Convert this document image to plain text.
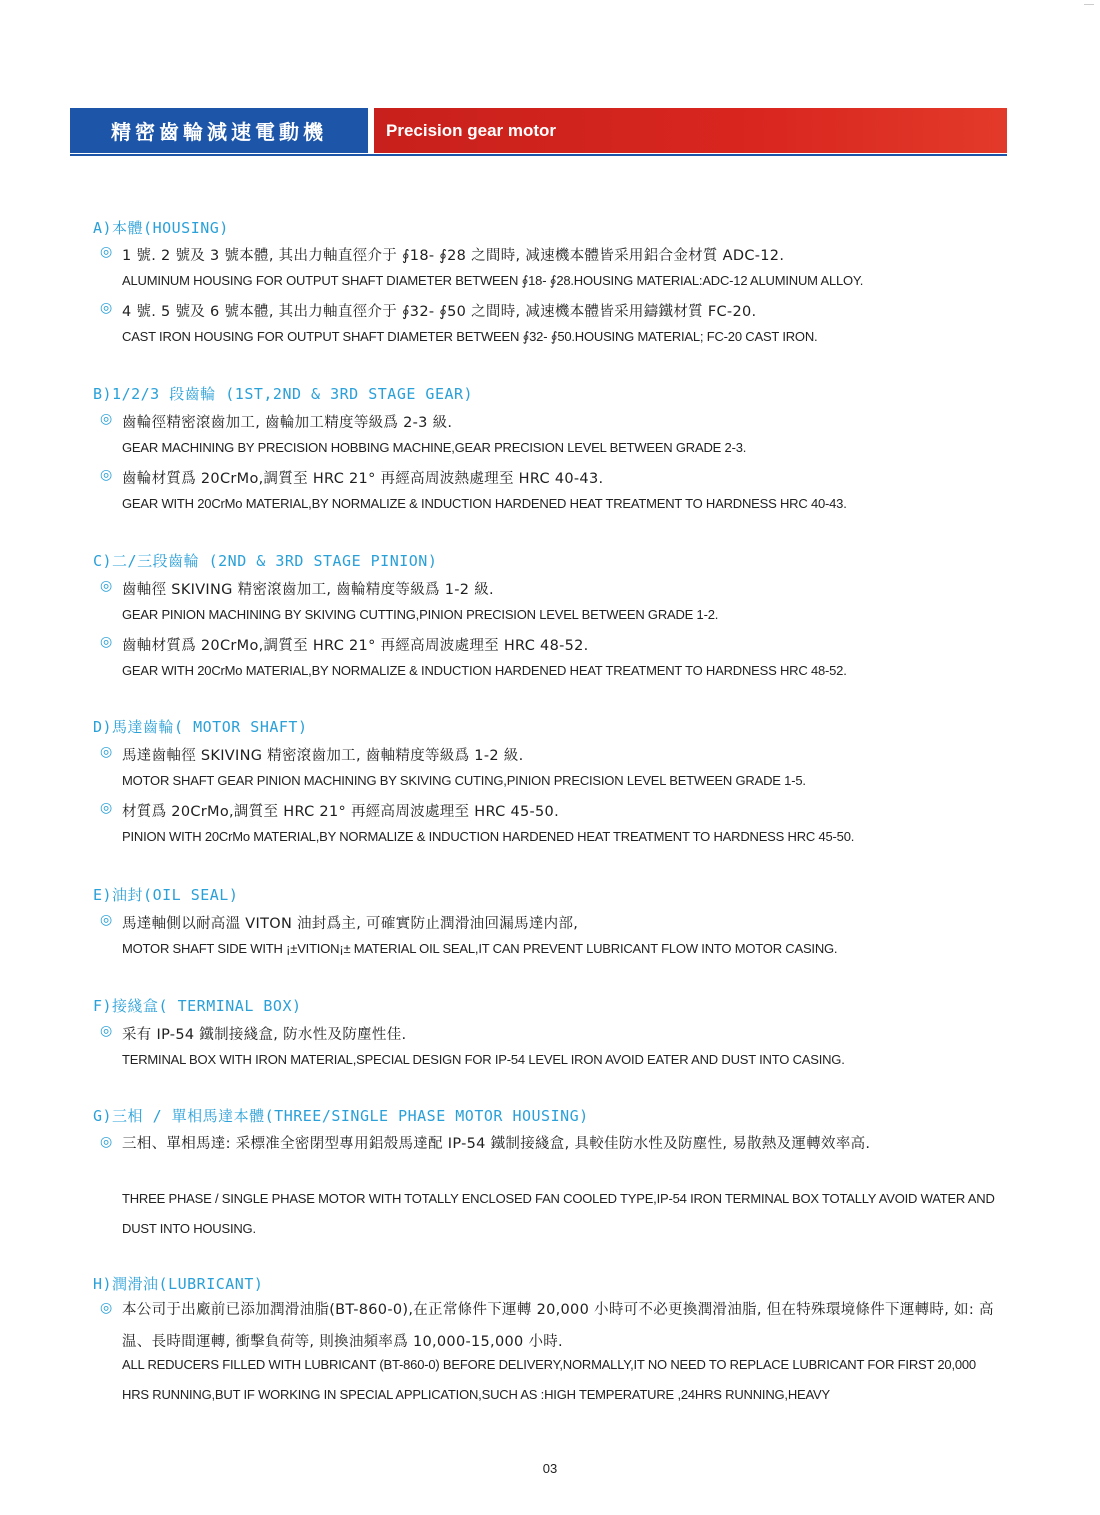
精密齒輪減速電動機	Precision gear motor
A)本體(HOUSING)
◎ 1 號. 2 號及 3 號本體, 其出力軸直徑介于 ∮18- ∮28 之間時, 减速機本體皆采用鋁合金材質 ADC-12.
ALUMINUM HOUSING FOR OUTPUT SHAFT DIAMETER BETWEEN ∮18- ∮28.HOUSING MATERIAL:ADC-12 ALUMINUM ALLOY.
◎ 4 號. 5 號及 6 號本體, 其出力軸直徑介于 ∮32- ∮50 之間時, 减速機本體皆采用鑄鐵材質 FC-20.
CAST IRON HOUSING FOR OUTPUT SHAFT DIAMETER BETWEEN ∮32- ∮50.HOUSING MATERIAL; FC-20 CAST IRON.
B)1/2/3 段齒輪 (1ST,2ND & 3RD STAGE GEAR)
◎ 齒輪徑精密滾齒加工, 齒輪加工精度等級爲 2-3 級.
GEAR MACHINING BY PRECISION HOBBING MACHINE,GEAR PRECISION LEVEL BETWEEN GRADE 2-3.
◎ 齒輪材質爲 20CrMo,調質至 HRC 21° 再經高周波熱處理至 HRC 40-43.
GEAR WITH 20CrMo MATERIAL,BY NORMALIZE & INDUCTION HARDENED HEAT TREATMENT TO HARDNESS HRC 40-43.
C)二/三段齒輪 (2ND & 3RD STAGE PINION)
◎ 齒軸徑 SKIVING 精密滾齒加工, 齒輪精度等級爲 1-2 級.
GEAR PINION MACHINING BY SKIVING CUTTING,PINION PRECISION LEVEL BETWEEN GRADE 1-2.
◎ 齒軸材質爲 20CrMo,調質至 HRC 21° 再經高周波處理至 HRC 48-52.
GEAR WITH 20CrMo MATERIAL,BY NORMALIZE & INDUCTION HARDENED HEAT TREATMENT TO HARDNESS HRC 48-52.
D)馬達齒輪( MOTOR SHAFT)
◎ 馬達齒軸徑 SKIVING 精密滾齒加工, 齒軸精度等級爲 1-2 級.
MOTOR SHAFT GEAR PINION MACHINING BY SKIVING CUTING,PINION PRECISION LEVEL BETWEEN GRADE 1-5.
◎ 材質爲 20CrMo,調質至 HRC 21° 再經高周波處理至 HRC 45-50.
PINION WITH 20CrMo MATERIAL,BY NORMALIZE & INDUCTION HARDENED HEAT TREATMENT TO HARDNESS HRC 45-50.
E)油封(OIL SEAL)
◎ 馬達軸側以耐高溫 VITON 油封爲主, 可確實防止潤滑油回漏馬達内部,
MOTOR SHAFT SIDE WITH ¡±VITION¡± MATERIAL OIL SEAL,IT CAN PREVENT LUBRICANT FLOW INTO MOTOR CASING.
F)接綫盒( TERMINAL BOX)
◎ 采有 IP-54 鐵制接綫盒, 防水性及防塵性佳.
TERMINAL BOX WITH IRON MATERIAL,SPECIAL DESIGN FOR IP-54 LEVEL IRON AVOID EATER AND DUST INTO CASING.
G)三相 / 單相馬達本體(THREE/SINGLE PHASE MOTOR HOUSING)
◎ 三相、單相馬達: 采標准全密閉型專用鋁殼馬達配 IP-54 鐵制接綫盒, 具較佳防水性及防塵性, 易散熱及運轉效率高.
THREE PHASE / SINGLE PHASE MOTOR WITH TOTALLY ENCLOSED FAN COOLED TYPE,IP-54 IRON TERMINAL BOX TOTALLY AVOID WATER AND DUST INTO HOUSING.
H)潤滑油(LUBRICANT)
◎ 本公司于出廠前已添加潤滑油脂(BT-860-0),在正常條件下運轉 20,000 小時可不必更換潤滑油脂, 但在特殊環境條件下運轉時, 如: 高温、長時間運轉, 衝擊負荷等, 則換油頻率爲 10,000-15,000 小時.
ALL REDUCERS FILLED WITH LUBRICANT (BT-860-0) BEFORE DELIVERY,NORMALLY,IT NO NEED TO REPLACE LUBRICANT FOR FIRST 20,000 HRS RUNNING,BUT IF WORKING IN SPECIAL APPLICATION,SUCH AS :HIGH TEMPERATURE ,24HRS RUNNING,HEAVY
03
